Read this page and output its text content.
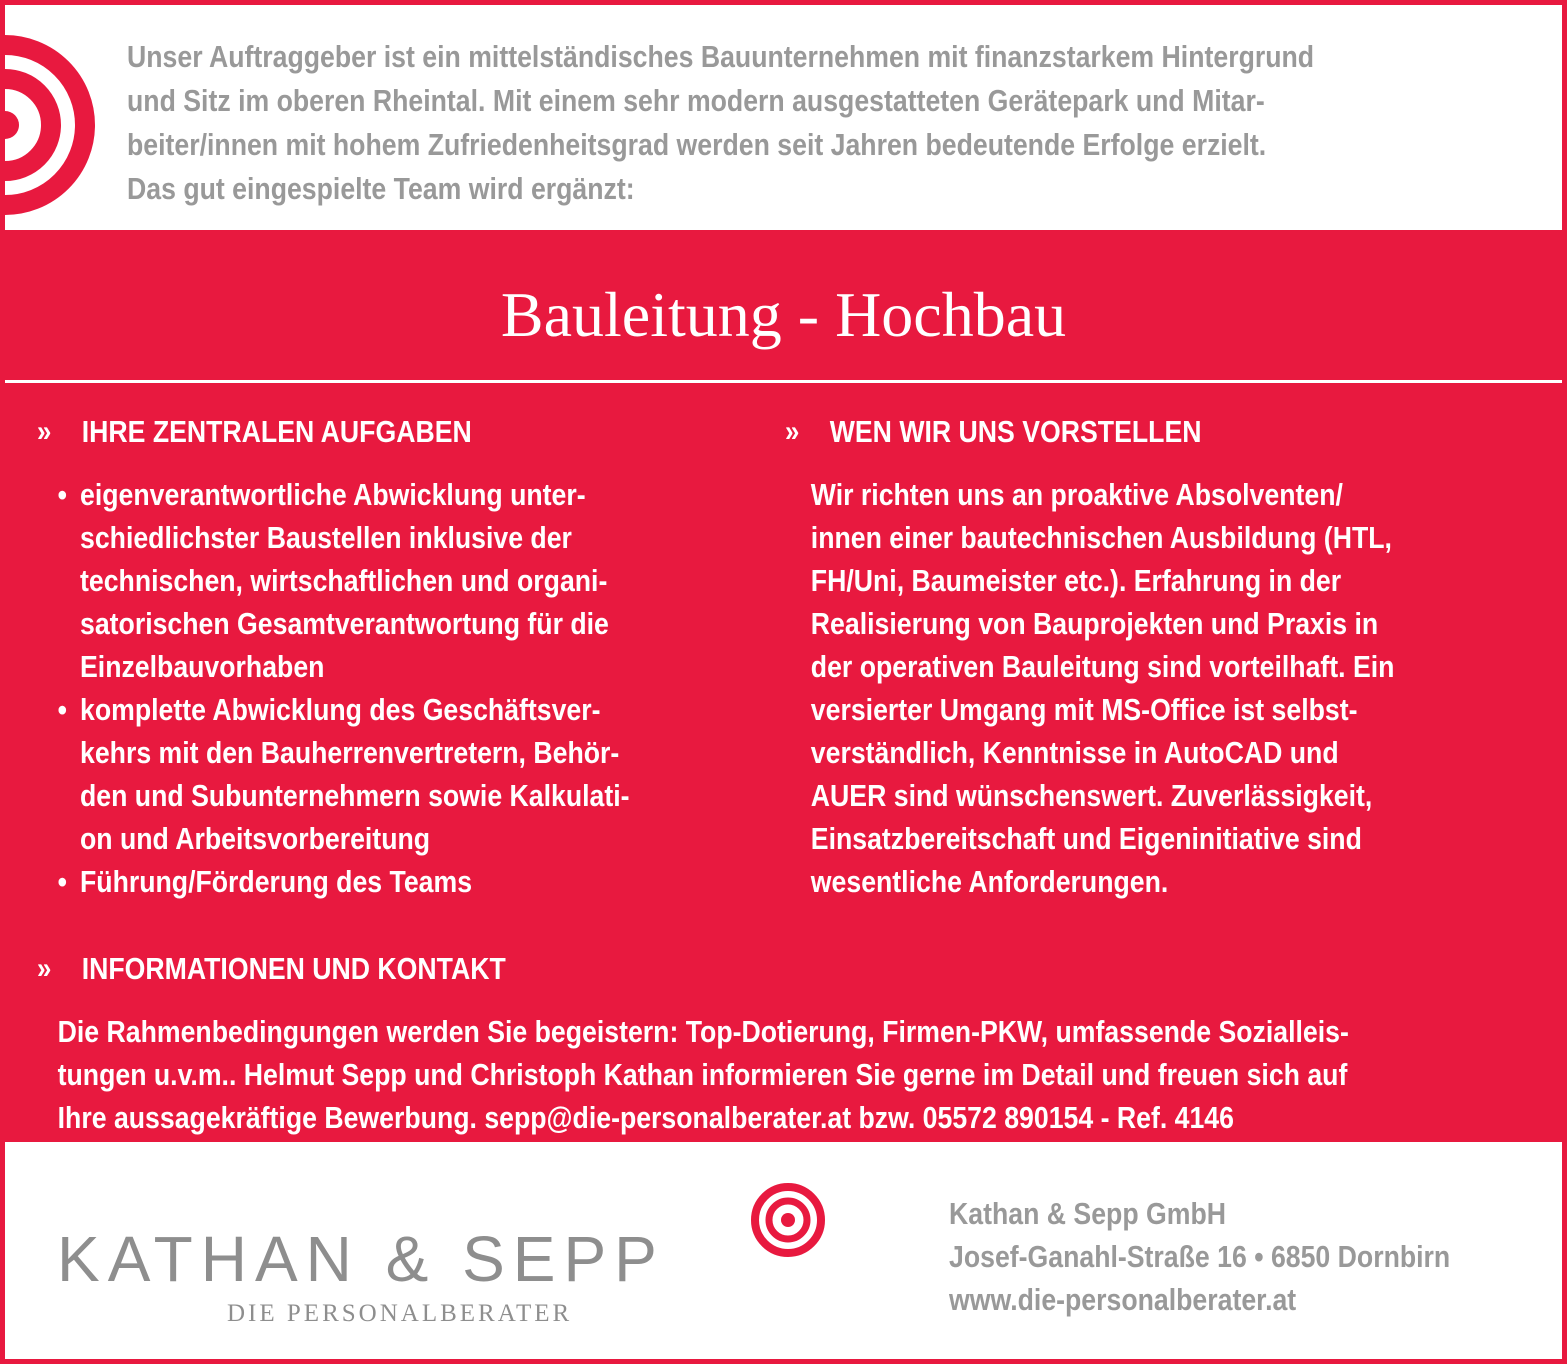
Unser Auftraggeber ist ein mittelständisches Bauunternehmen mit finanzstarkem Hintergrund

und Sitz im oberen Rheintal. Mit einem sehr modern ausgestatteten Gerätepark und Mitar-

beiter/innen mit hohem Zufriedenheitsgrad werden seit Jahren bedeutende Erfolge erzielt.

Das gut eingespielte Team wird ergänzt:

Bauleitung - Hochbau
»	IHRE ZENTRALEN AUFGABEN
• eigenverantwortliche Abwicklung unter-
schiedlichster Baustellen inklusive der
technischen, wirtschaftlichen und organi-
satorischen Gesamtverantwortung für die
Einzelbauvorhaben
• komplette Abwicklung des Geschäftsver-
kehrs mit den Bauherrenvertretern, Behör-
den und Subunternehmern sowie Kalkulati-
on und Arbeitsvorbereitung
• Führung/Förderung des Teams
»	WEN WIR UNS VORSTELLEN
Wir richten uns an proaktive Absolventen/
innen einer bautechnischen Ausbildung (HTL,
FH/Uni, Baumeister etc.). Erfahrung in der
Realisierung von Bauprojekten und Praxis in
der operativen Bauleitung sind vorteilhaft. Ein
versierter Umgang mit MS-Office ist selbst-
verständlich, Kenntnisse in AutoCAD und
AUER sind wünschenswert. Zuverlässigkeit,
Einsatzbereitschaft und Eigeninitiative sind
wesentliche Anforderungen.
»	INFORMATIONEN UND KONTAKT
Die Rahmenbedingungen werden Sie begeistern: Top-Dotierung, Firmen-PKW, umfassende Sozialleis-
tungen u.v.m.. Helmut Sepp und Christoph Kathan informieren Sie gerne im Detail und freuen sich auf
Ihre aussagekräftige Bewerbung. sepp@die-personalberater.at bzw. 05572 890154 - Ref. 4146
KATHAN & SEPP
DIE PERSONALBERATER
Kathan & Sepp GmbH
Josef-Ganahl-Straße 16 • 6850 Dornbirn
www.die-personalberater.at
